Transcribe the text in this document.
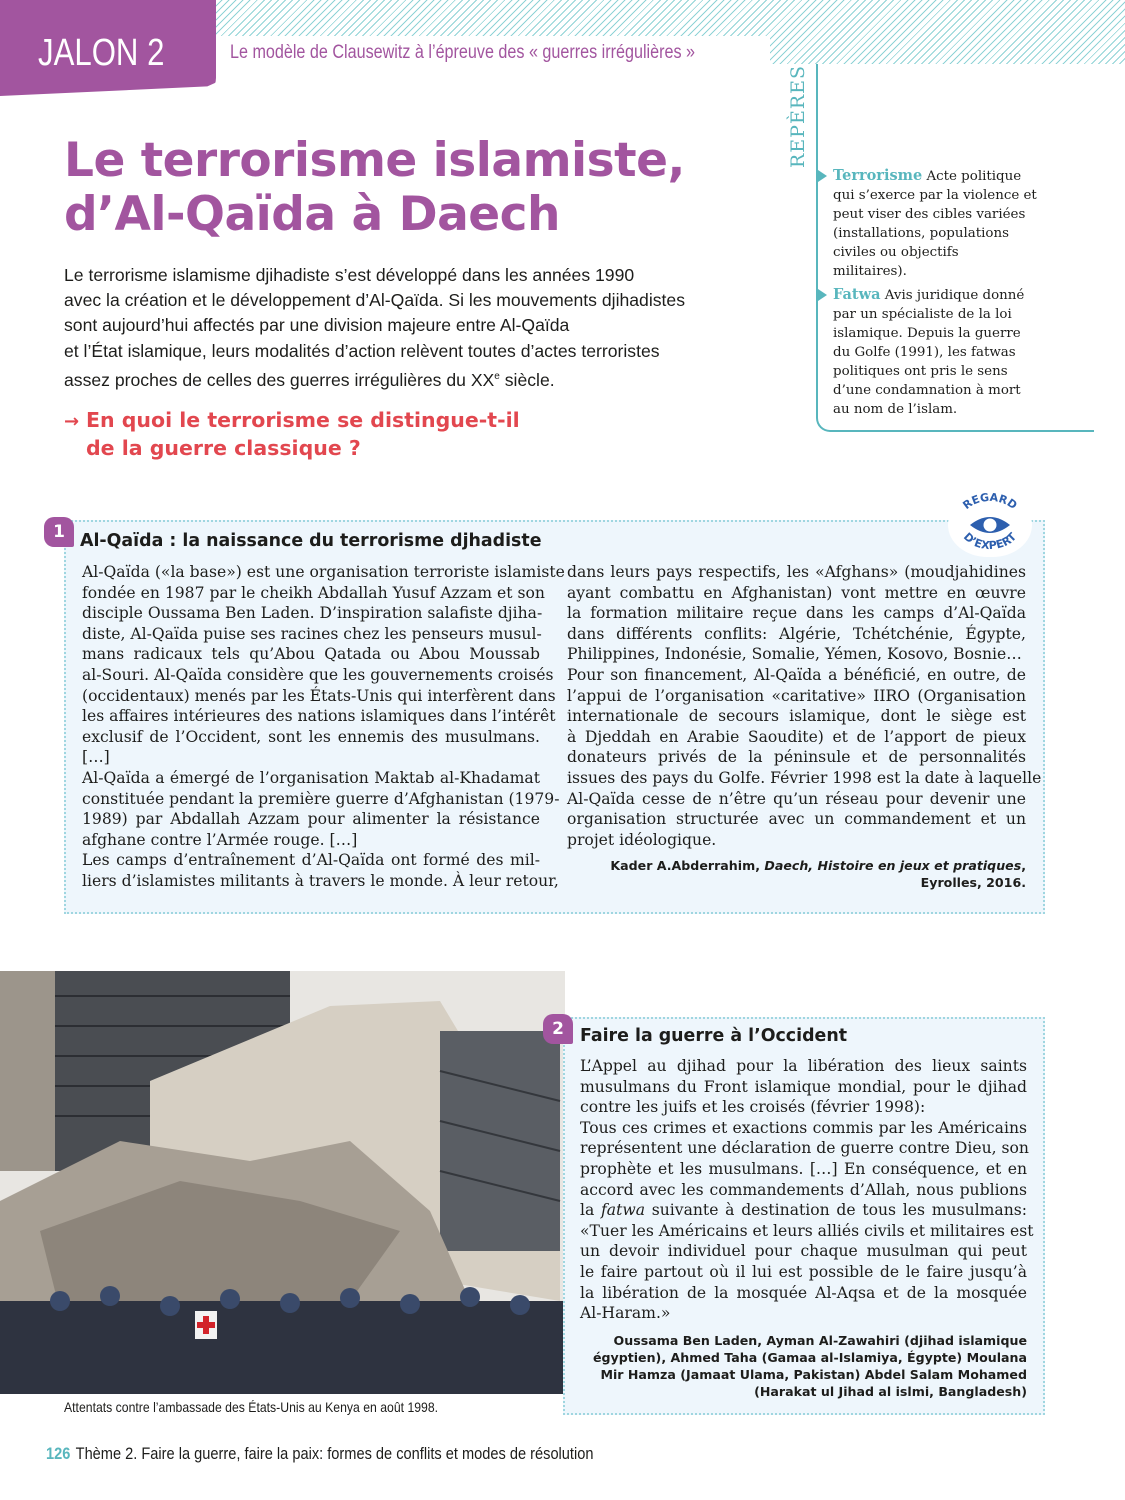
JALON 2	Le modèle de Clausewitz à l’épreuve des « guerres irrégulières »
Le terrorisme islamiste,
d’Al-Qaïda à Daech
Le terrorisme islamisme djihadiste s’est développé dans les années 1990
avec la création et le développement d’Al-Qaïda. Si les mouvements djihadistes
sont aujourd’hui affectés par une division majeure entre Al-Qaïda
et l’État islamique, leurs modalités d’action relèvent toutes d’actes terroristes
assez proches de celles des guerres irrégulières du XXe siècle.
→ En quoi le terrorisme se distingue-t-il
de la guerre classique ?
REPÈRES
Terrorisme Acte politique
qui s’exerce par la violence et
peut viser des cibles variées
(installations, populations
civiles ou objectifs
militaires).
Fatwa Avis juridique donné
par un spécialiste de la loi
islamique. Depuis la guerre
du Golfe (1991), les fatwas
politiques ont pris le sens
d’une condamnation à mort
au nom de l’islam.
1 Al-Qaïda : la naissance du terrorisme djhadiste
REGARD
D’EXPERT
Al-Qaïda («la base») est une organisation terroriste islamiste
fondée en 1987 par le cheikh Abdallah Yusuf Azzam et son
disciple Oussama Ben Laden. D’inspiration salafiste djiha-
diste, Al-Qaïda puise ses racines chez les penseurs musul-
mans radicaux tels qu’Abou Qatada ou Abou Moussab
al-Souri. Al-Qaïda considère que les gouvernements croisés
(occidentaux) menés par les États-Unis qui interfèrent dans
les affaires intérieures des nations islamiques dans l’intérêt
exclusif de l’Occident, sont les ennemis des musulmans.
[…]
Al-Qaïda a émergé de l’organisation Maktab al-Khadamat
constituée pendant la première guerre d’Afghanistan (1979-
1989) par Abdallah Azzam pour alimenter la résistance
afghane contre l’Armée rouge. […]
Les camps d’entraînement d’Al-Qaïda ont formé des mil-
liers d’islamistes militants à travers le monde. À leur retour,
dans leurs pays respectifs, les «Afghans» (moudjahidines
ayant combattu en Afghanistan) vont mettre en œuvre
la formation militaire reçue dans les camps d’Al-Qaïda
dans différents conflits: Algérie, Tchétchénie, Égypte,
Philippines, Indonésie, Somalie, Yémen, Kosovo, Bosnie…
Pour son financement, Al-Qaïda a bénéficié, en outre, de
l’appui de l’organisation «caritative» IIRO (Organisation
internationale de secours islamique, dont le siège est
à Djeddah en Arabie Saoudite) et de l’apport de pieux
donateurs privés de la péninsule et de personnalités
issues des pays du Golfe. Février 1998 est la date à laquelle
Al-Qaïda cesse de n’être qu’un réseau pour devenir une
organisation structurée avec un commandement et un
projet idéologique.
Kader A.Abderrahim, Daech, Histoire en jeux et pratiques,
Eyrolles, 2016.
Attentats contre l’ambassade des États-Unis au Kenya en août 1998.
2 Faire la guerre à l’Occident
L’Appel au djihad pour la libération des lieux saints
musulmans du Front islamique mondial, pour le djihad
contre les juifs et les croisés (février 1998):
Tous ces crimes et exactions commis par les Américains
représentent une déclaration de guerre contre Dieu, son
prophète et les musulmans. […] En conséquence, et en
accord avec les commandements d’Allah, nous publions
la fatwa suivante à destination de tous les musulmans:
«Tuer les Américains et leurs alliés civils et militaires est
un devoir individuel pour chaque musulman qui peut
le faire partout où il lui est possible de le faire jusqu’à
la libération de la mosquée Al-Aqsa et de la mosquée
Al-Haram.»
Oussama Ben Laden, Ayman Al-Zawahiri (djihad islamique
égyptien), Ahmed Taha (Gamaa al-Islamiya, Égypte) Moulana
Mir Hamza (Jamaat Ulama, Pakistan) Abdel Salam Mohamed
(Harakat ul Jihad al islmi, Bangladesh)
126 Thème 2. Faire la guerre, faire la paix: formes de conflits et modes de résolution
